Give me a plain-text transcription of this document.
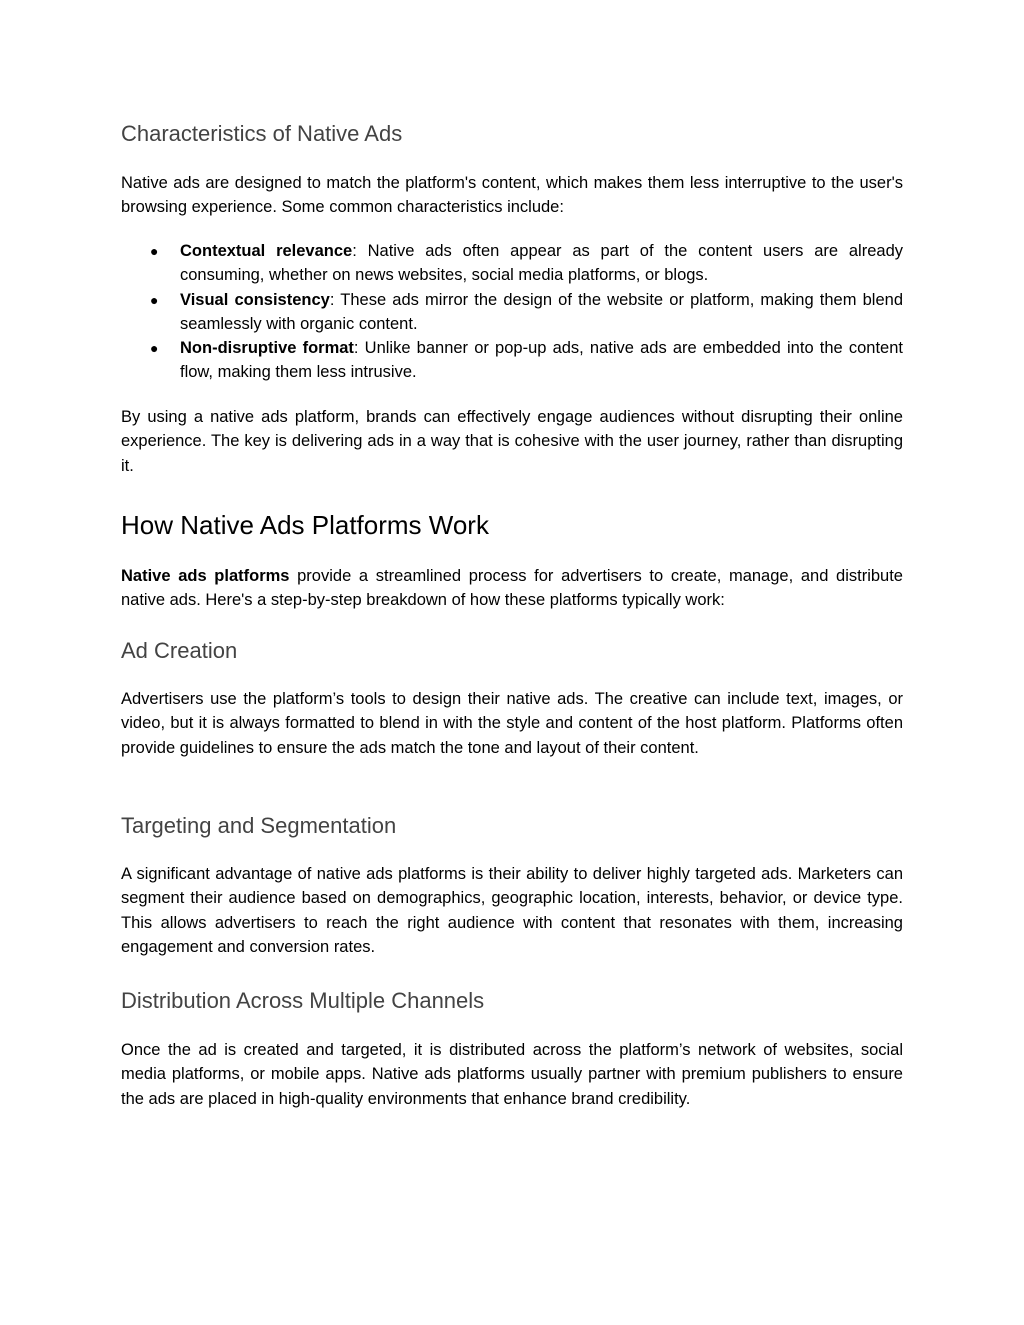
Characteristics of Native Ads

Native ads are designed to match the platform's content, which makes them less interruptive to the user's browsing experience. Some common characteristics include:

● Contextual relevance: Native ads often appear as part of the content users are already consuming, whether on news websites, social media platforms, or blogs.
● Visual consistency: These ads mirror the design of the website or platform, making them blend seamlessly with organic content.
● Non-disruptive format: Unlike banner or pop-up ads, native ads are embedded into the content flow, making them less intrusive.

By using a native ads platform, brands can effectively engage audiences without disrupting their online experience. The key is delivering ads in a way that is cohesive with the user journey, rather than disrupting it.

How Native Ads Platforms Work

Native ads platforms provide a streamlined process for advertisers to create, manage, and distribute native ads. Here's a step-by-step breakdown of how these platforms typically work:

Ad Creation

Advertisers use the platform’s tools to design their native ads. The creative can include text, images, or video, but it is always formatted to blend in with the style and content of the host platform. Platforms often provide guidelines to ensure the ads match the tone and layout of their content.

Targeting and Segmentation

A significant advantage of native ads platforms is their ability to deliver highly targeted ads. Marketers can segment their audience based on demographics, geographic location, interests, behavior, or device type. This allows advertisers to reach the right audience with content that resonates with them, increasing engagement and conversion rates.

Distribution Across Multiple Channels

Once the ad is created and targeted, it is distributed across the platform’s network of websites, social media platforms, or mobile apps. Native ads platforms usually partner with premium publishers to ensure the ads are placed in high-quality environments that enhance brand credibility.
